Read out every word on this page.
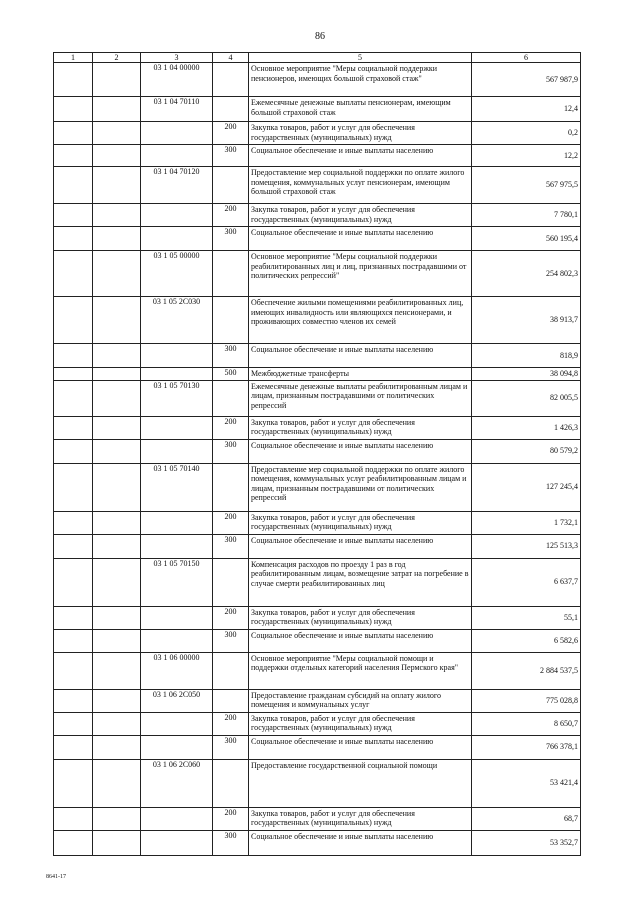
86
1	2	3	4	5	6
		03 1 04 00000		Основное мероприятие "Меры социальной поддержки пенсионеров, имеющих большой страховой стаж"	567 987,9
		03 1 04 70110		Ежемесячные денежные выплаты пенсионерам, имеющим большой страховой стаж	12,4
			200	Закупка товаров, работ и услуг для обеспечения государственных (муниципальных) нужд	0,2
			300	Социальное обеспечение и иные выплаты населению	12,2
		03 1 04 70120		Предоставление мер социальной поддержки по оплате жилого помещения, коммунальных услуг пенсионерам, имеющим большой страховой стаж	567 975,5
			200	Закупка товаров, работ и услуг для обеспечения государственных (муниципальных) нужд	7 780,1
			300	Социальное обеспечение и иные выплаты населению	560 195,4
		03 1 05 00000		Основное мероприятие "Меры социальной поддержки реабилитированных лиц и лиц, признанных пострадавшими от политических репрессий"	254 802,3
		03 1 05 2С030		Обеспечение жилыми помещениями реабилитированных лиц, имеющих инвалидность или являющихся пенсионерами, и проживающих совместно членов их семей	38 913,7
			300	Социальное обеспечение и иные выплаты населению	818,9
			500	Межбюджетные трансферты	38 094,8
		03 1 05 70130		Ежемесячные денежные выплаты реабилитированным лицам и лицам, признанным пострадавшими от политических репрессий	82 005,5
			200	Закупка товаров, работ и услуг для обеспечения государственных (муниципальных) нужд	1 426,3
			300	Социальное обеспечение и иные выплаты населению	80 579,2
		03 1 05 70140		Предоставление мер социальной поддержки по оплате жилого помещения, коммунальных услуг реабилитированным лицам и лицам, признанным пострадавшими от политических репрессий	127 245,4
			200	Закупка товаров, работ и услуг для обеспечения государственных (муниципальных) нужд	1 732,1
			300	Социальное обеспечение и иные выплаты населению	125 513,3
		03 1 05 70150		Компенсация расходов по проезду 1 раз в год реабилитированным лицам, возмещение затрат на погребение в случае смерти реабилитированных лиц	6 637,7
			200	Закупка товаров, работ и услуг для обеспечения государственных (муниципальных) нужд	55,1
			300	Социальное обеспечение и иные выплаты населению	6 582,6
		03 1 06 00000		Основное мероприятие "Меры социальной помощи и поддержки отдельных категорий населения Пермского края"	2 884 537,5
		03 1 06 2С050		Предоставление гражданам субсидий на оплату жилого помещения и коммунальных услуг	775 028,8
			200	Закупка товаров, работ и услуг для обеспечения государственных (муниципальных) нужд	8 650,7
			300	Социальное обеспечение и иные выплаты населению	766 378,1
		03 1 06 2С060		Предоставление государственной социальной помощи	53 421,4
			200	Закупка товаров, работ и услуг для обеспечения государственных (муниципальных) нужд	68,7
			300	Социальное обеспечение и иные выплаты населению	53 352,7
8641-17
